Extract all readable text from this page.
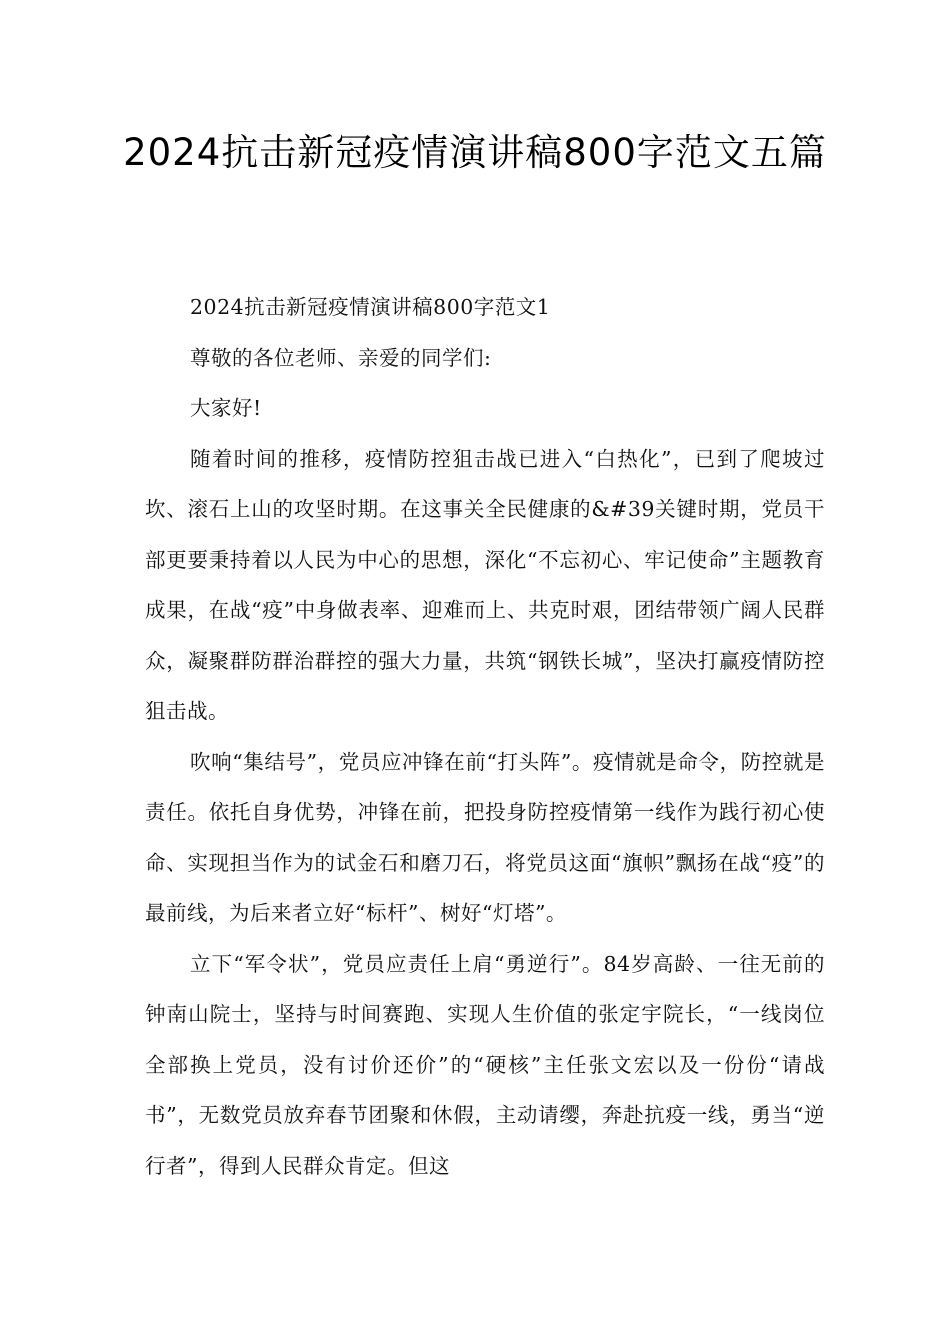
2024抗击新冠疫情演讲稿800字范文五篇

2024抗击新冠疫情演讲稿800字范文1

尊敬的各位老师、亲爱的同学们:

大家好!

随着时间的推移，疫情防控狙击战已进入“白热化”，已到了爬坡过坎、滚石上山的攻坚时期。在这事关全民健康的&#39关键时期，党员干部更要秉持着以人民为中心的思想，深化“不忘初心、牢记使命”主题教育成果，在战“疫”中身做表率、迎难而上、共克时艰，团结带领广阔人民群众，凝聚群防群治群控的强大力量，共筑“钢铁长城”，坚决打赢疫情防控狙击战。

吹响“集结号”，党员应冲锋在前“打头阵”。疫情就是命令，防控就是责任。依托自身优势，冲锋在前，把投身防控疫情第一线作为践行初心使命、实现担当作为的试金石和磨刀石，将党员这面“旗帜”飘扬在战“疫”的最前线，为后来者立好“标杆”、树好“灯塔”。

立下“军令状”，党员应责任上肩“勇逆行”。84岁高龄、一往无前的钟南山院士，坚持与时间赛跑、实现人生价值的张定宇院长，“一线岗位全部换上党员，没有讨价还价”的“硬核”主任张文宏以及一份份“请战书”，无数党员放弃春节团聚和休假，主动请缨，奔赴抗疫一线，勇当“逆行者”，得到人民群众肯定。但这
